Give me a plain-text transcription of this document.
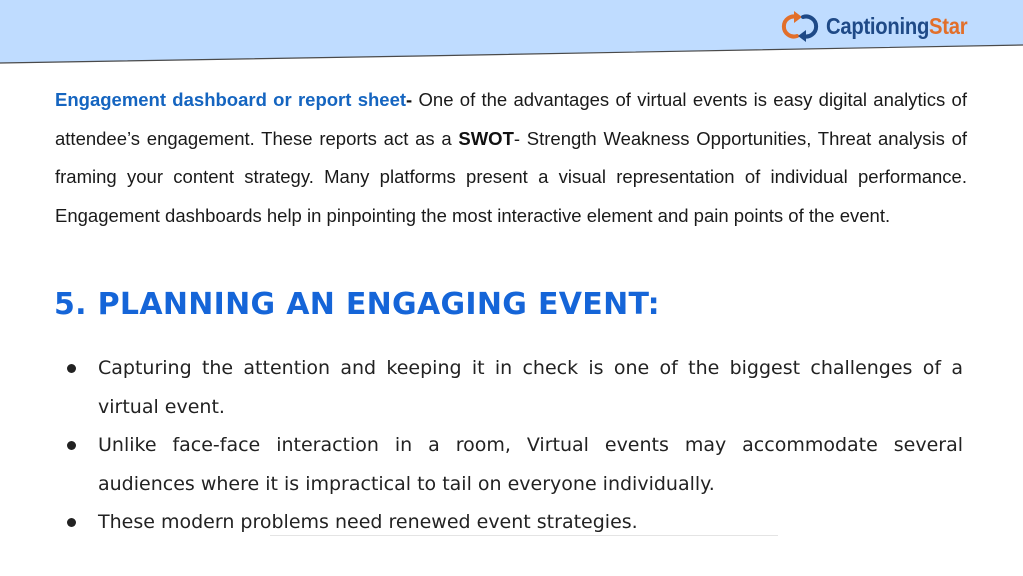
CaptioningStar

Engagement dashboard or report sheet- One of the advantages of virtual events is easy digital analytics of attendee’s engagement. These reports act as a SWOT- Strength Weakness Opportunities, Threat analysis of framing your content strategy. Many platforms present a visual representation of individual performance. Engagement dashboards help in pinpointing the most interactive element and pain points of the event.

5. PLANNING AN ENGAGING EVENT:
Capturing the attention and keeping it in check is one of the biggest challenges of a virtual event.
Unlike face-face interaction in a room, Virtual events may accommodate several audiences where it is impractical to tail on everyone individually.
These modern problems need renewed event strategies.
